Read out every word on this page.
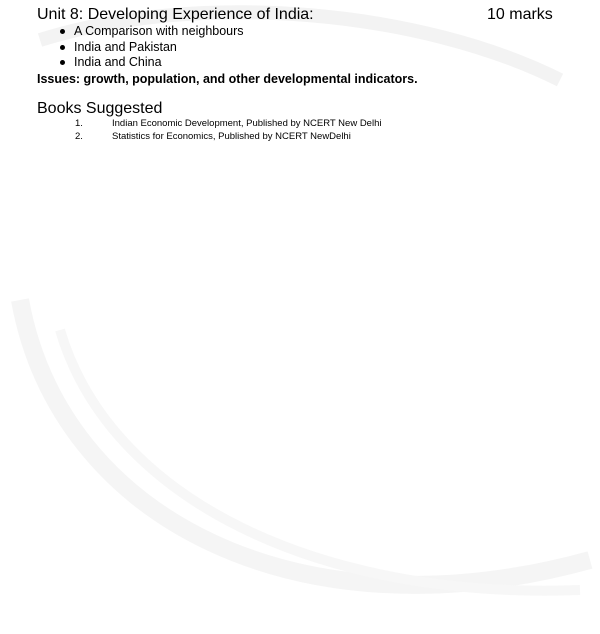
Unit 8: Developing Experience of India:	10 marks
A Comparison with neighbours
India and Pakistan
India and China
Issues: growth, population, and other developmental indicators.
Books Suggested
1.	Indian Economic Development, Published by NCERT New Delhi
2.	Statistics for Economics, Published by NCERT NewDelhi
